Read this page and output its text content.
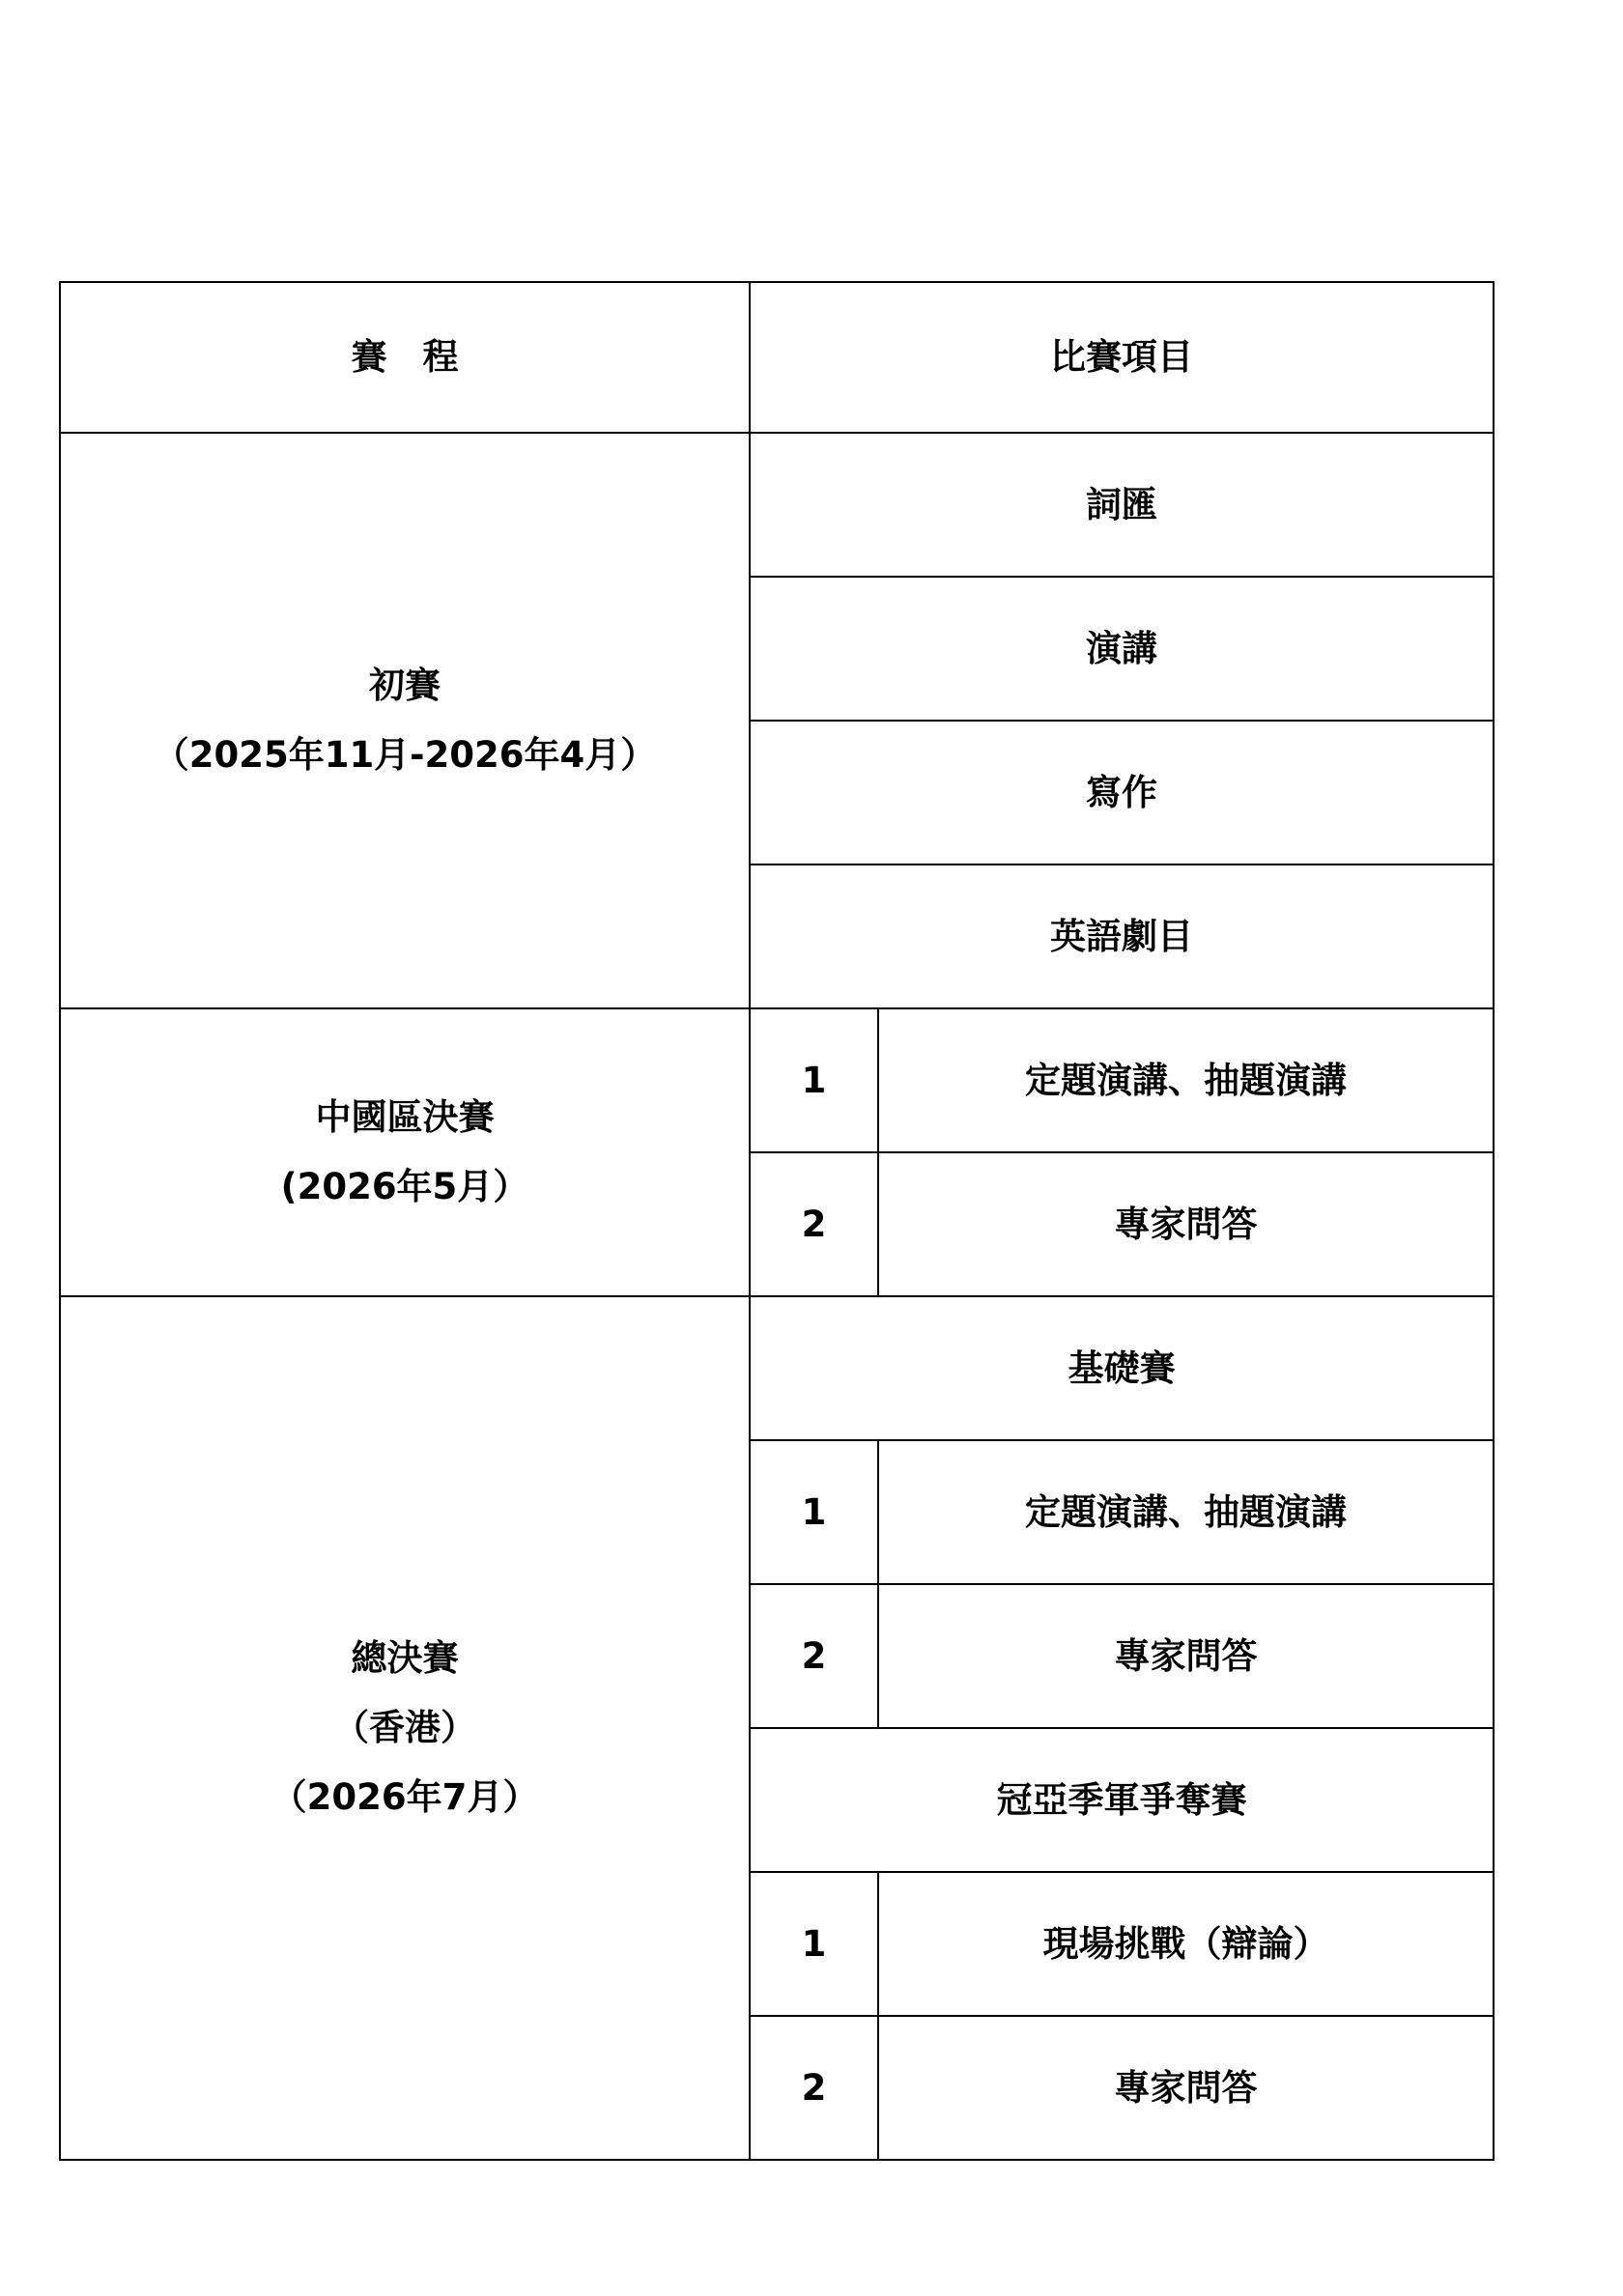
賽　程	比賽項目	

初賽
（2025年11月-2026年4月）	詞匯	
	演講	
	寫作	
	英語劇目	

中國區決賽
(2026年5月）	1	定題演講、抽題演講
	2	專家問答

總決賽
（香港）
（2026年7月）	基礎賽	
	1	定題演講、抽題演講
	2	專家問答
	冠亞季軍爭奪賽	
	1	現場挑戰（辯論）
	2	專家問答
